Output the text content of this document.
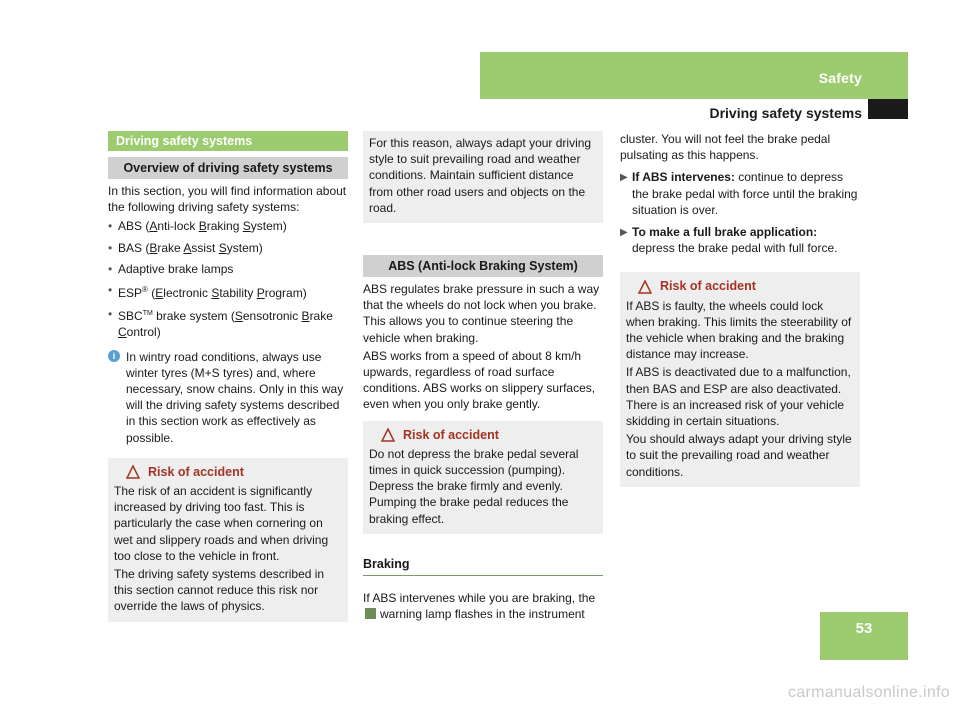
Safety
Driving safety systems
Driving safety systems
Overview of driving safety systems

In this section, you will find information about the following driving safety systems:

• ABS (Anti-lock Braking System)
• BAS (Brake Assist System)
• Adaptive brake lamps
• ESP® (Electronic Stability Program)
• SBC™ brake system (Sensotronic Brake
Control)
i In wintry road conditions, always use winter tyres (M+S tyres) and, where necessary, snow chains. Only in this way will the driving safety systems described in this section work as effectively as possible.

Risk of accident

The risk of an accident is significantly increased by driving too fast. This is particularly the case when cornering on wet and slippery roads and when driving too close to the vehicle in front.

The driving safety systems described in this section cannot reduce this risk nor override the laws of physics.

For this reason, always adapt your driving style to suit prevailing road and weather conditions. Maintain sufficient distance from other road users and objects on the road.

ABS (Anti-lock Braking System)

ABS regulates brake pressure in such a way that the wheels do not lock when you brake. This allows you to continue steering the vehicle when braking.

ABS works from a speed of about 8 km/h upwards, regardless of road surface conditions. ABS works on slippery surfaces, even when you only brake gently.

Risk of accident

Do not depress the brake pedal several times in quick succession (pumping). Depress the brake firmly and evenly. Pumping the brake pedal reduces the braking effect.

Braking

If ABS intervenes while you are braking, the
warning lamp flashes in the instrument

cluster. You will not feel the brake pedal pulsating as this happens.

▶ If ABS intervenes: continue to depress the brake pedal with force until the braking situation is over.

▶ To make a full brake application:
depress the brake pedal with full force.

Risk of accident

If ABS is faulty, the wheels could lock when braking. This limits the steerability of the vehicle when braking and the braking distance may increase.

If ABS is deactivated due to a malfunction, then BAS and ESP are also deactivated. There is an increased risk of your vehicle skidding in certain situations.

You should always adapt your driving style to suit the prevailing road and weather conditions.

53
carmanualsonline.info
